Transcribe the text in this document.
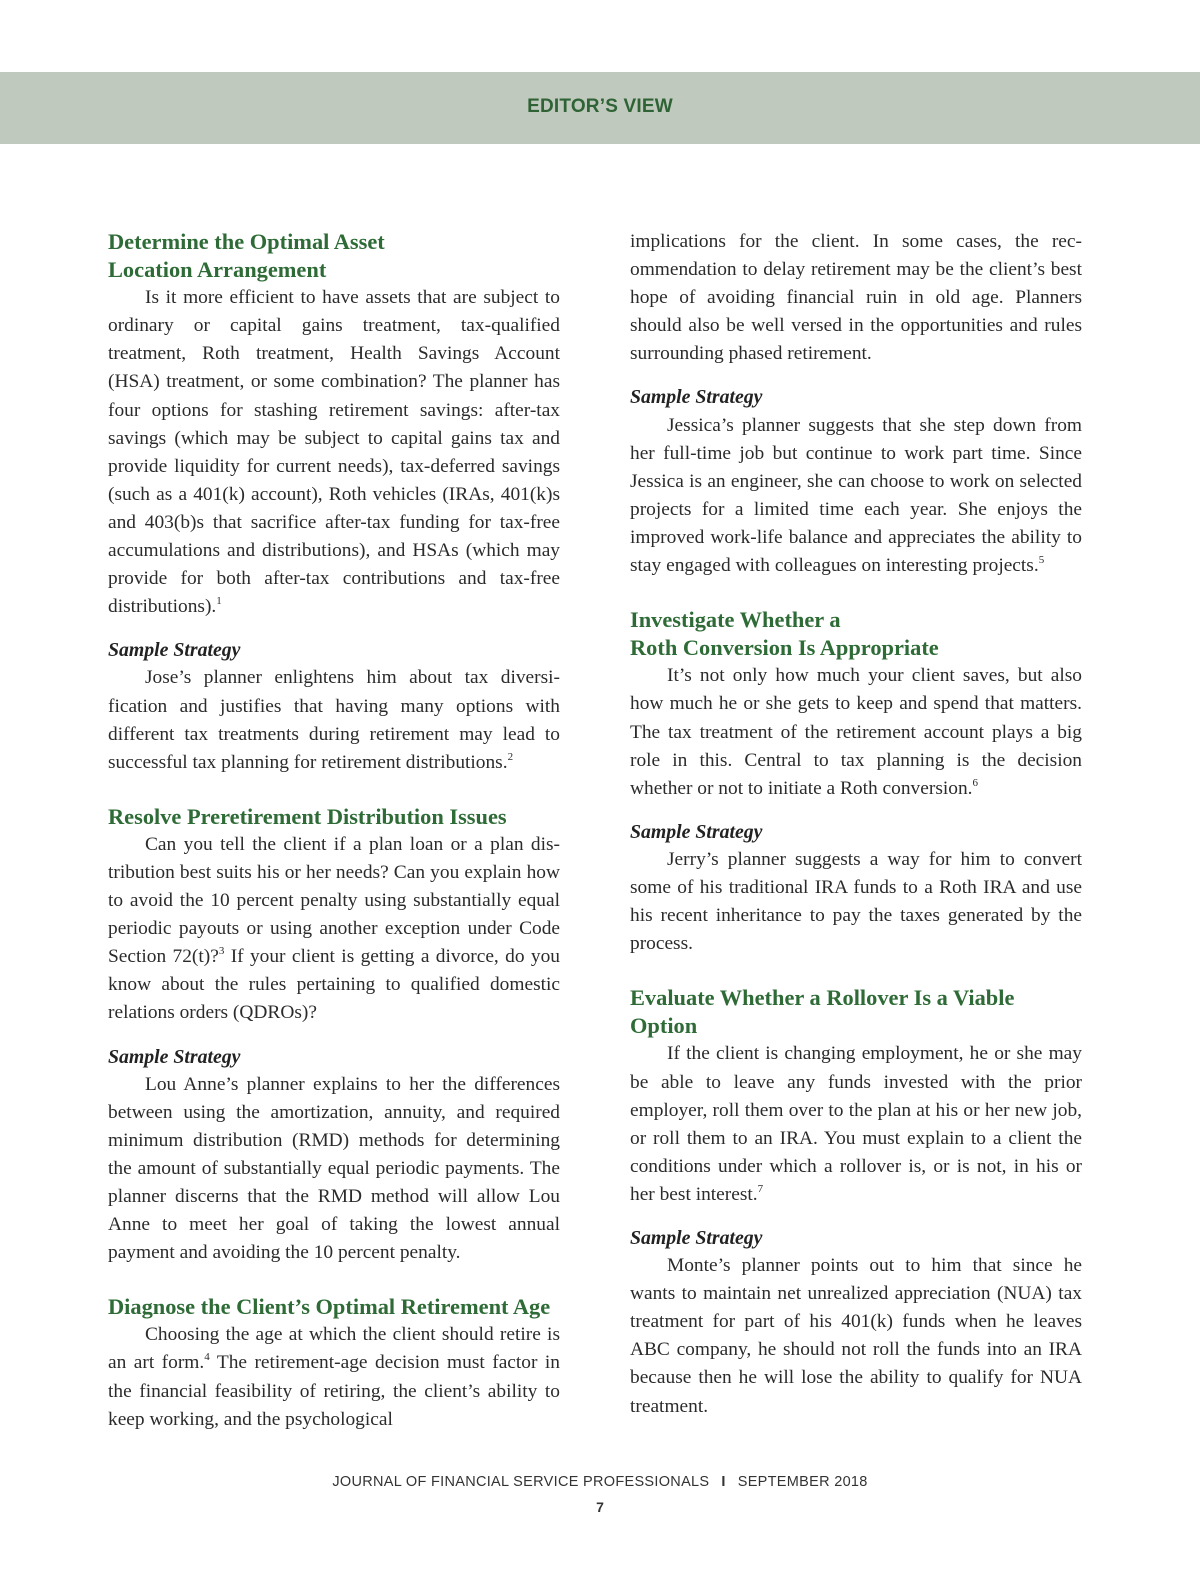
EDITOR’S VIEW
Determine the Optimal Asset
Location Arrangement

Is it more efficient to have assets that are subject to ordinary or capital gains treatment, tax-qualified treatment, Roth treatment, Health Savings Account (HSA) treatment, or some combination? The planner has four options for stashing retirement savings: after-tax savings (which may be subject to capital gains tax and provide liquidity for current needs), tax-deferred savings (such as a 401(k) account), Roth vehicles (IRAs, 401(k)s and 403(b)s that sacrifice after-tax funding for tax-free accumulations and distributions), and HSAs (which may provide for both after-tax contributions and tax-free distributions).$^1$

Sample Strategy

Jose’s planner enlightens him about tax diversification and justifies that having many options with different tax treatments during retirement may lead to successful tax planning for retirement distributions.$^2$

Resolve Preretirement Distribution Issues

Can you tell the client if a plan loan or a plan distribution best suits his or her needs? Can you explain how to avoid the 10 percent penalty using substantially equal periodic payouts or using another exception under Code Section 72(t)?$^3$ If your client is getting a divorce, do you know about the rules pertaining to qualified domestic relations orders (QDROs)?

Sample Strategy

Lou Anne’s planner explains to her the differences between using the amortization, annuity, and required minimum distribution (RMD) methods for determining the amount of substantially equal periodic payments. The planner discerns that the RMD method will allow Lou Anne to meet her goal of taking the lowest annual payment and avoiding the 10 percent penalty.

Diagnose the Client’s Optimal Retirement Age

Choosing the age at which the client should retire is an art form.$^4$ The retirement-age decision must factor in the financial feasibility of retiring, the client’s ability to keep working, and the psychological

implications for the client. In some cases, the recommendation to delay retirement may be the client’s best hope of avoiding financial ruin in old age. Planners should also be well versed in the opportunities and rules surrounding phased retirement.

Sample Strategy

Jessica’s planner suggests that she step down from her full-time job but continue to work part time. Since Jessica is an engineer, she can choose to work on selected projects for a limited time each year. She enjoys the improved work-life balance and appreciates the ability to stay engaged with colleagues on interesting projects.$^5$

Investigate Whether a
Roth Conversion Is Appropriate

It’s not only how much your client saves, but also how much he or she gets to keep and spend that matters. The tax treatment of the retirement account plays a big role in this. Central to tax planning is the decision whether or not to initiate a Roth conversion.$^6$

Sample Strategy

Jerry’s planner suggests a way for him to convert some of his traditional IRA funds to a Roth IRA and use his recent inheritance to pay the taxes generated by the process.

Evaluate Whether a Rollover Is a Viable Option

If the client is changing employment, he or she may be able to leave any funds invested with the prior employer, roll them over to the plan at his or her new job, or roll them to an IRA. You must explain to a client the conditions under which a rollover is, or is not, in his or her best interest.$^7$

Sample Strategy

Monte’s planner points out to him that since he wants to maintain net unrealized appreciation (NUA) tax treatment for part of his 401(k) funds when he leaves ABC company, he should not roll the funds into an IRA because then he will lose the ability to qualify for NUA treatment.

JOURNAL OF FINANCIAL SERVICE PROFESSIONALS I SEPTEMBER 2018
7
